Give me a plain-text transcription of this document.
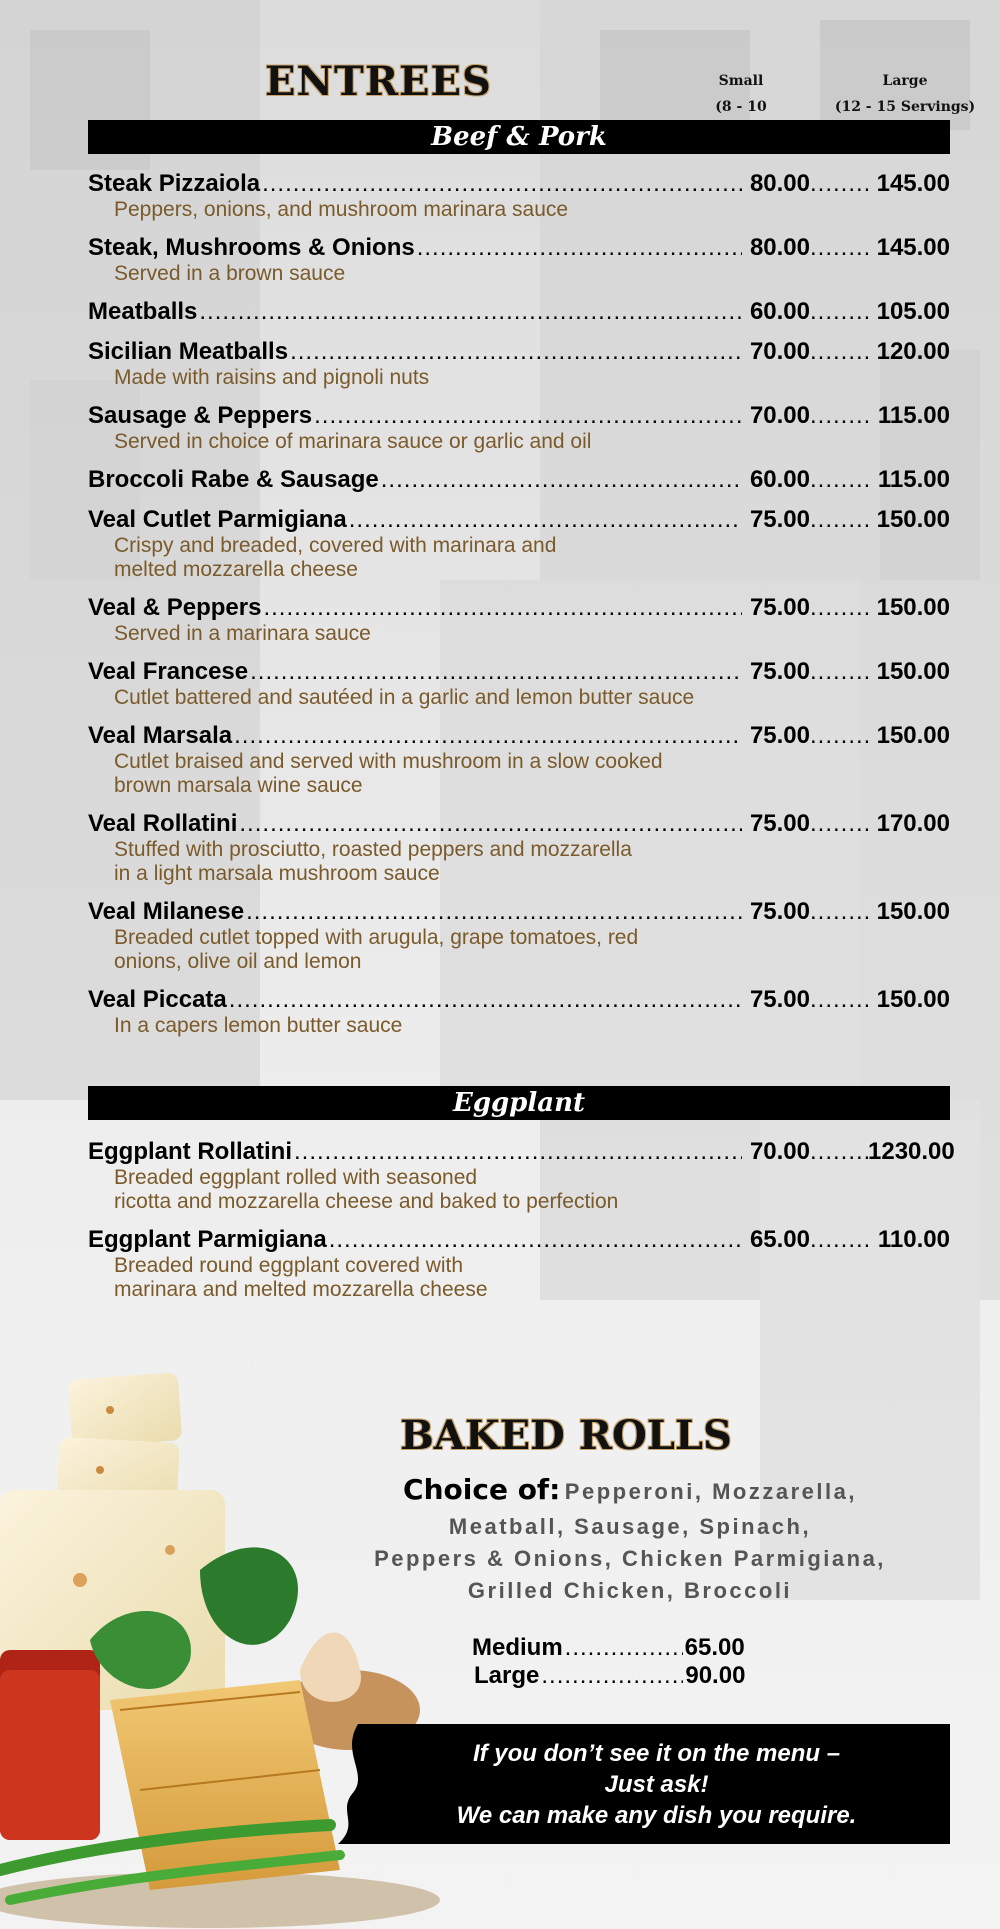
ENTREES	Small
(8 - 10
Large
(12 - 15 Servings)
Beef & Pork
Steak Pizzaiola .....	80.00 .....	145.00
Peppers, onions, and mushroom marinara sauce
Steak, Mushrooms & Onions .....	80.00 .....	145.00
Served in a brown sauce
Meatballs .....	60.00 .....	105.00
Sicilian Meatballs .....	70.00 .....	120.00
Made with raisins and pignoli nuts
Sausage & Peppers .....	70.00 .....	115.00
Served in choice of marinara sauce or garlic and oil
Broccoli Rabe & Sausage .....	60.00 .....	115.00
Veal Cutlet Parmigiana .....	75.00 .....	150.00
Crispy and breaded, covered with marinara and
melted mozzarella cheese
Veal & Peppers .....	75.00 .....	150.00
Served in a marinara sauce
Veal Francese .....	75.00 .....	150.00
Cutlet battered and sautéed in a garlic and lemon butter sauce
Veal Marsala .....	75.00 .....	150.00
Cutlet braised and served with mushroom in a slow cooked
brown marsala wine sauce
Veal Rollatini .....	75.00 .....	170.00
Stuffed with prosciutto, roasted peppers and mozzarella
in a light marsala mushroom sauce
Veal Milanese .....	75.00 .....	150.00
Breaded cutlet topped with arugula, grape tomatoes, red
onions, olive oil and lemon
Veal Piccata .....	75.00 .....	150.00
In a capers lemon butter sauce
Eggplant
Eggplant Rollatini .....	70.00 ..... 1230.00
Breaded eggplant rolled with seasoned
ricotta and mozzarella cheese and baked to perfection
Eggplant Parmigiana .....	65.00 .....	110.00
Breaded round eggplant covered with
marinara and melted mozzarella cheese
BAKED ROLLS
Choice of: Pepperoni, Mozzarella,
Meatball, Sausage, Spinach,
Peppers & Onions, Chicken Parmigiana,
Grilled Chicken, Broccoli
Medium .....	65.00
Large .....	90.00
If you don’t see it on the menu –
Just ask!
We can make any dish you require.
